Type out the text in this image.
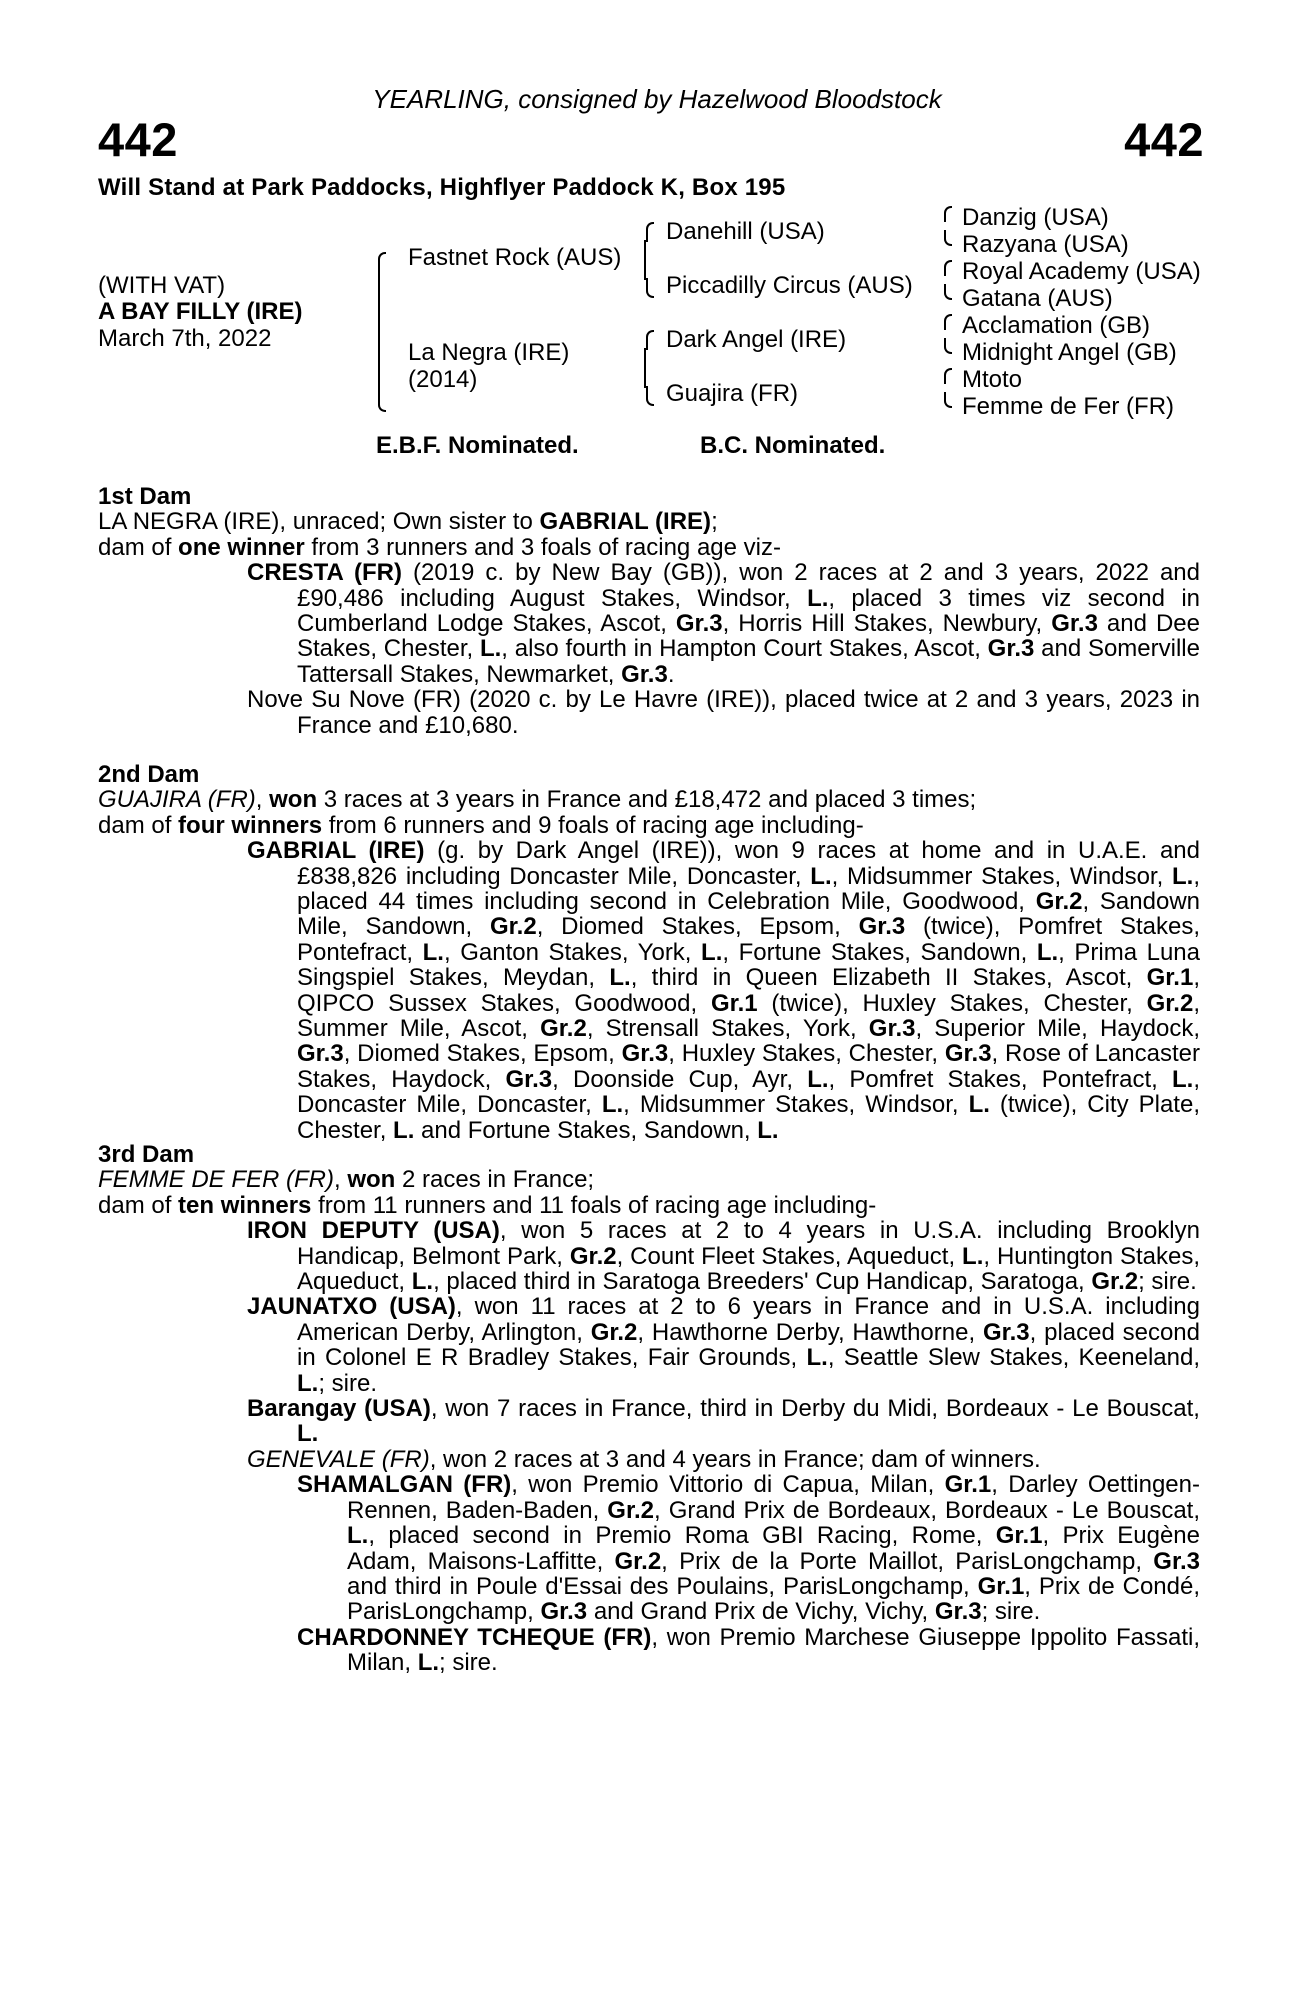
YEARLING, consigned by Hazelwood Bloodstock
442	442
Will Stand at Park Paddocks, Highflyer Paddock K, Box 195
(WITH VAT)
A BAY FILLY (IRE)
March 7th, 2022
Fastnet Rock (AUS)
La Negra (IRE)
(2014)
Danehill (USA)
Piccadilly Circus (AUS)
Dark Angel (IRE)
Guajira (FR)
Danzig (USA)
Razyana (USA)
Royal Academy (USA)
Gatana (AUS)
Acclamation (GB)
Midnight Angel (GB)
Mtoto
Femme de Fer (FR)
E.B.F. Nominated.	B.C. Nominated.

1st Dam

LA NEGRA (IRE), unraced; Own sister to GABRIAL (IRE);

dam of one winner from 3 runners and 3 foals of racing age viz-

CRESTA (FR) (2019 c. by New Bay (GB)), won 2 races at 2 and 3 years, 2022 and £90,486 including August Stakes, Windsor, L., placed 3 times viz second in Cumberland Lodge Stakes, Ascot, Gr.3, Horris Hill Stakes, Newbury, Gr.3 and Dee Stakes, Chester, L., also fourth in Hampton Court Stakes, Ascot, Gr.3 and Somerville Tattersall Stakes, Newmarket, Gr.3.

Nove Su Nove (FR) (2020 c. by Le Havre (IRE)), placed twice at 2 and 3 years, 2023 in France and £10,680.

2nd Dam

GUAJIRA (FR), won 3 races at 3 years in France and £18,472 and placed 3 times;

dam of four winners from 6 runners and 9 foals of racing age including-

GABRIAL (IRE) (g. by Dark Angel (IRE)), won 9 races at home and in U.A.E. and £838,826 including Doncaster Mile, Doncaster, L., Midsummer Stakes, Windsor, L., placed 44 times including second in Celebration Mile, Goodwood, Gr.2, Sandown Mile, Sandown, Gr.2, Diomed Stakes, Epsom, Gr.3 (twice), Pomfret Stakes, Pontefract, L., Ganton Stakes, York, L., Fortune Stakes, Sandown, L., Prima Luna Singspiel Stakes, Meydan, L., third in Queen Elizabeth II Stakes, Ascot, Gr.1, QIPCO Sussex Stakes, Goodwood, Gr.1 (twice), Huxley Stakes, Chester, Gr.2, Summer Mile, Ascot, Gr.2, Strensall Stakes, York, Gr.3, Superior Mile, Haydock, Gr.3, Diomed Stakes, Epsom, Gr.3, Huxley Stakes, Chester, Gr.3, Rose of Lancaster Stakes, Haydock, Gr.3, Doonside Cup, Ayr, L., Pomfret Stakes, Pontefract, L., Doncaster Mile, Doncaster, L., Midsummer Stakes, Windsor, L. (twice), City Plate, Chester, L. and Fortune Stakes, Sandown, L.

3rd Dam

FEMME DE FER (FR), won 2 races in France;

dam of ten winners from 11 runners and 11 foals of racing age including-

IRON DEPUTY (USA), won 5 races at 2 to 4 years in U.S.A. including Brooklyn Handicap, Belmont Park, Gr.2, Count Fleet Stakes, Aqueduct, L., Huntington Stakes, Aqueduct, L., placed third in Saratoga Breeders' Cup Handicap, Saratoga, Gr.2; sire.

JAUNATXO (USA), won 11 races at 2 to 6 years in France and in U.S.A. including American Derby, Arlington, Gr.2, Hawthorne Derby, Hawthorne, Gr.3, placed second in Colonel E R Bradley Stakes, Fair Grounds, L., Seattle Slew Stakes, Keeneland, L.; sire.

Barangay (USA), won 7 races in France, third in Derby du Midi, Bordeaux - Le Bouscat, L.

GENEVALE (FR), won 2 races at 3 and 4 years in France; dam of winners.

SHAMALGAN (FR), won Premio Vittorio di Capua, Milan, Gr.1, Darley Oettingen-Rennen, Baden-Baden, Gr.2, Grand Prix de Bordeaux, Bordeaux - Le Bouscat, L., placed second in Premio Roma GBI Racing, Rome, Gr.1, Prix Eugène Adam, Maisons-Laffitte, Gr.2, Prix de la Porte Maillot, ParisLongchamp, Gr.3 and third in Poule d'Essai des Poulains, ParisLongchamp, Gr.1, Prix de Condé, ParisLongchamp, Gr.3 and Grand Prix de Vichy, Vichy, Gr.3; sire.

CHARDONNEY TCHEQUE (FR), won Premio Marchese Giuseppe Ippolito Fassati, Milan, L.; sire.
